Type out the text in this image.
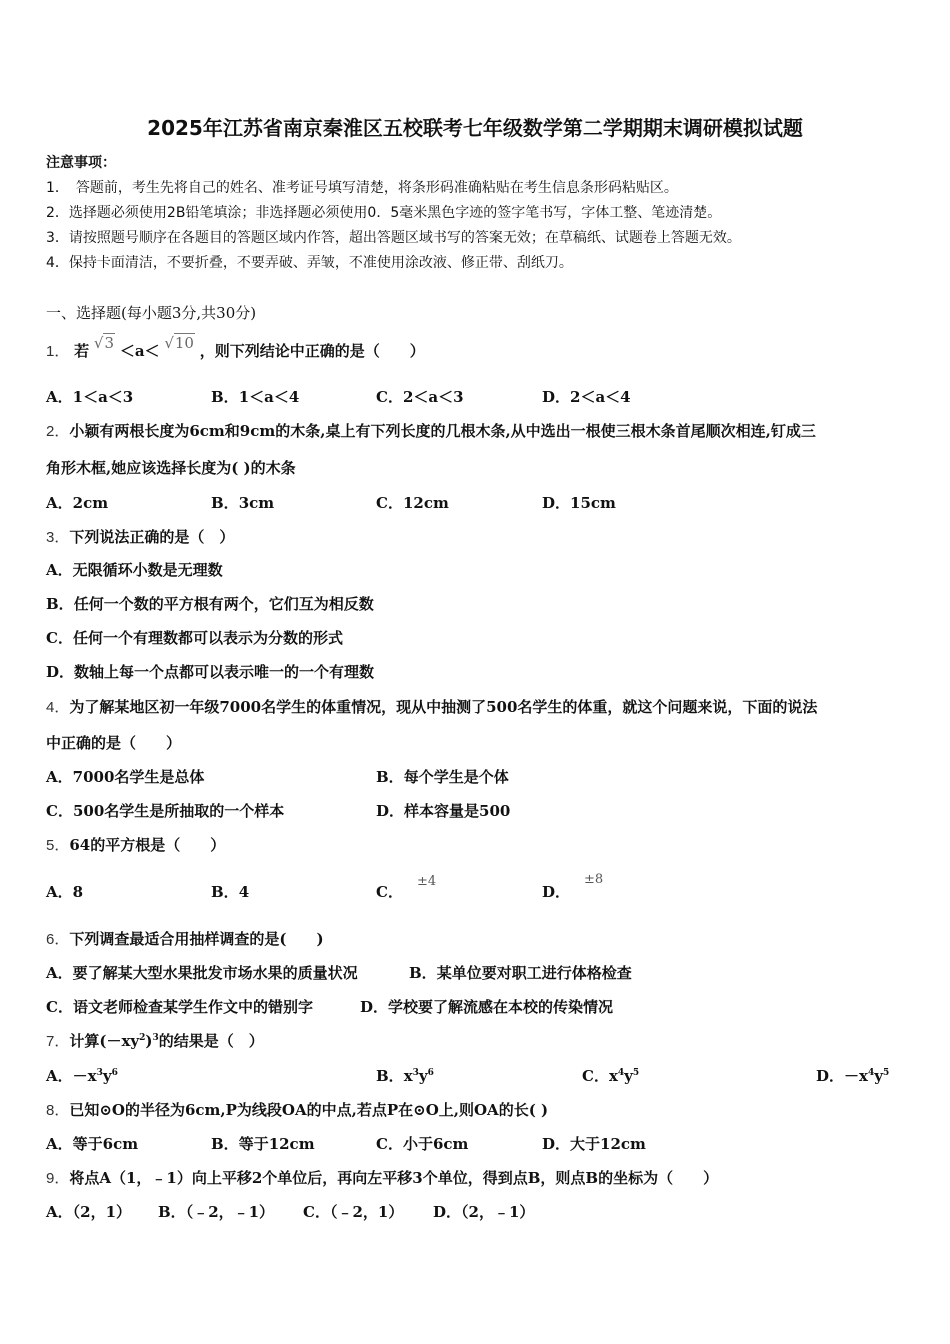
2025年江苏省南京秦淮区五校联考七年级数学第二学期期末调研模拟试题
注意事项：
1．　答题前，考生先将自己的姓名、准考证号填写清楚，将条形码准确粘贴在考生信息条形码粘贴区。
2．选择题必须使用2B铅笔填涂；非选择题必须使用0．5毫米黑色字迹的签字笔书写，字体工整、笔迹清楚。
3．请按照题号顺序在各题目的答题区域内作答，超出答题区域书写的答案无效；在草稿纸、试题卷上答题无效。
4．保持卡面清洁，不要折叠，不要弄破、弄皱，不准使用涂改液、修正带、刮纸刀。
一、选择题(每小题3分,共30分)
1． 若 √3 ＜a＜ √10 ，则下列结论中正确的是（　　）
A．1＜a＜3	B．1＜a＜4	C．2＜a＜3	D．2＜a＜4
2．小颖有两根长度为6cm和9cm的木条,桌上有下列长度的几根木条,从中选出一根使三根木条首尾顺次相连,钉成三
角形木框,她应该选择长度为( )的木条
A．2cm	B．3cm	C．12cm	D．15cm
3．下列说法正确的是（　）
A．无限循环小数是无理数
B．任何一个数的平方根有两个，它们互为相反数
C．任何一个有理数都可以表示为分数的形式
D．数轴上每一个点都可以表示唯一的一个有理数
4．为了解某地区初一年级7000名学生的体重情况，现从中抽测了500名学生的体重，就这个问题来说，下面的说法
中正确的是（　　）
A．7000名学生是总体	B．每个学生是个体
C．500名学生是所抽取的一个样本	D．样本容量是500
5．64的平方根是（　　）
A．8	B．4	C．±4
D．±8
6．下列调查最适合用抽样调查的是(　　)
A．要了解某大型水果批发市场水果的质量状况	B．某单位要对职工进行体格检查
C．语文老师检查某学生作文中的错别字	D．学校要了解流感在本校的传染情况
7．计算$(-xy^2)^3$的结果是（　）
A．$-x^3y^6$	B．$x^3y^6$	C．$x^4y^5$	D．$-x^4y^5$
8．已知⊙O的半径为6cm,P为线段OA的中点,若点P在⊙O上,则OA的长( )
A．等于6cm	B．等于12cm	C．小于6cm	D．大于12cm
9．将点A（1，﹣1）向上平移2个单位后，再向左平移3个单位，得到点B，则点B的坐标为（　　）
A．（2，1） B．（﹣2，﹣1） C．（﹣2，1） D．（2，﹣1）
